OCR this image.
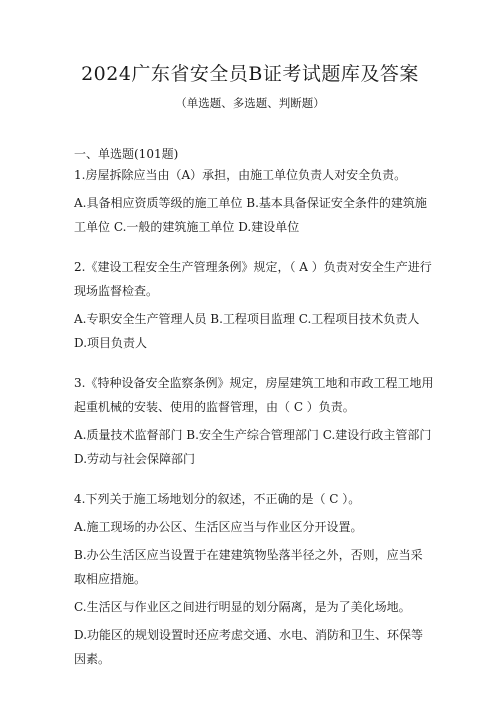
2024广东省安全员B证考试题库及答案
（单选题、多选题、判断题）
一、单选题(101题)

1.房屋拆除应当由（A）承担，由施工单位负责人对安全负责。

A.具备相应资质等级的施工单位 B.基本具备保证安全条件的建筑施工单位 C.一般的建筑施工单位 D.建设单位

2.《建设工程安全生产管理条例》规定，（ A ）负责对安全生产进行现场监督检查。

A.专职安全生产管理人员 B.工程项目监理 C.工程项目技术负责人 D.项目负责人

3.《特种设备安全监察条例》规定，房屋建筑工地和市政工程工地用起重机械的安装、使用的监督管理，由（ C ）负责。

A.质量技术监督部门 B.安全生产综合管理部门 C.建设行政主管部门 D.劳动与社会保障部门

4.下列关于施工场地划分的叙述，不正确的是（ C ）。

A.施工现场的办公区、生活区应当与作业区分开设置。

B.办公生活区应当设置于在建建筑物坠落半径之外，否则，应当采取相应措施。

C.生活区与作业区之间进行明显的划分隔离，是为了美化场地。

D.功能区的规划设置时还应考虑交通、水电、消防和卫生、环保等因素。
